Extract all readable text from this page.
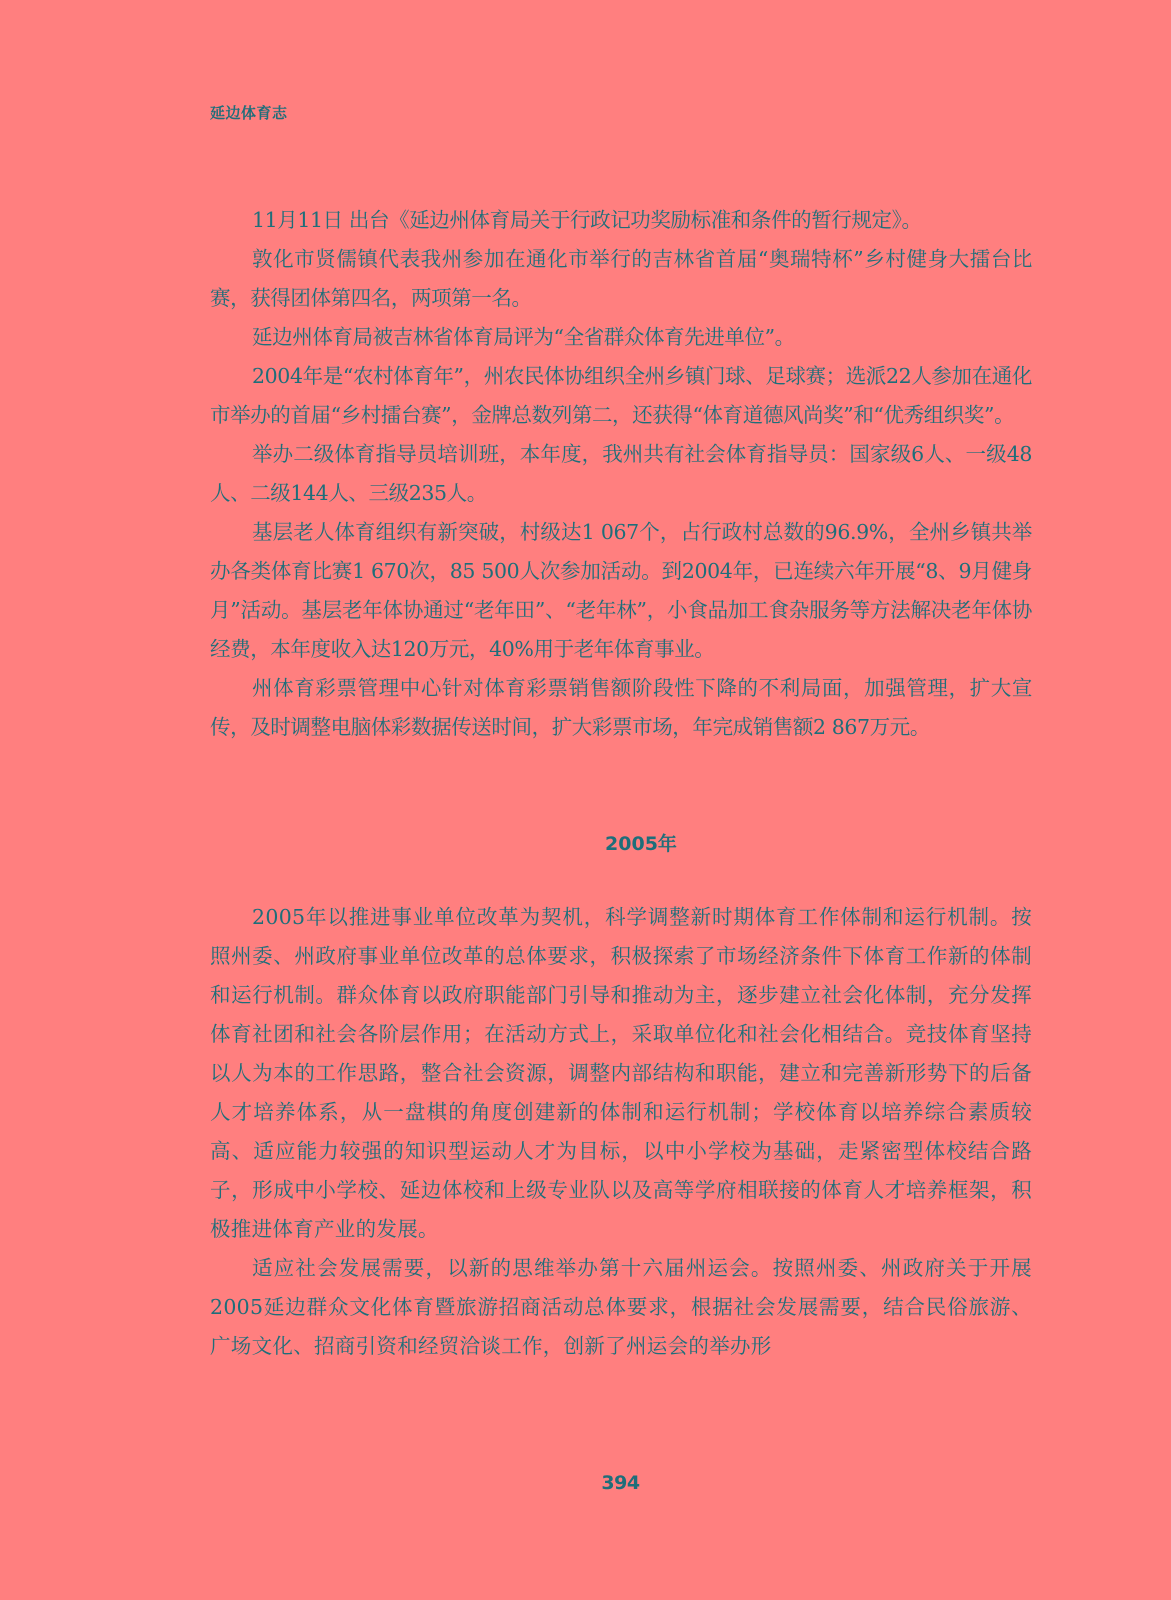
延边体育志

11月11日 出台《延边州体育局关于行政记功奖励标准和条件的暂行规定》。

敦化市贤儒镇代表我州参加在通化市举行的吉林省首届“奥瑞特杯”乡村健身大擂台比赛，获得团体第四名，两项第一名。

延边州体育局被吉林省体育局评为“全省群众体育先进单位”。

2004年是“农村体育年”，州农民体协组织全州乡镇门球、足球赛；选派22人参加在通化市举办的首届“乡村擂台赛”，金牌总数列第二，还获得“体育道德风尚奖”和“优秀组织奖”。

举办二级体育指导员培训班，本年度，我州共有社会体育指导员：国家级6人、一级48人、二级144人、三级235人。

基层老人体育组织有新突破，村级达1 067个，占行政村总数的96.9%，全州乡镇共举办各类体育比赛1 670次，85 500人次参加活动。到2004年，已连续六年开展“8、9月健身月”活动。基层老年体协通过“老年田”、“老年林”，小食品加工食杂服务等方法解决老年体协经费，本年度收入达120万元，40%用于老年体育事业。

州体育彩票管理中心针对体育彩票销售额阶段性下降的不利局面，加强管理，扩大宣传，及时调整电脑体彩数据传送时间，扩大彩票市场，年完成销售额2 867万元。

2005年

2005年以推进事业单位改革为契机，科学调整新时期体育工作体制和运行机制。按照州委、州政府事业单位改革的总体要求，积极探索了市场经济条件下体育工作新的体制和运行机制。群众体育以政府职能部门引导和推动为主，逐步建立社会化体制，充分发挥体育社团和社会各阶层作用；在活动方式上，采取单位化和社会化相结合。竞技体育坚持以人为本的工作思路，整合社会资源，调整内部结构和职能，建立和完善新形势下的后备人才培养体系，从一盘棋的角度创建新的体制和运行机制；学校体育以培养综合素质较高、适应能力较强的知识型运动人才为目标，以中小学校为基础，走紧密型体校结合路子，形成中小学校、延边体校和上级专业队以及高等学府相联接的体育人才培养框架，积极推进体育产业的发展。

适应社会发展需要，以新的思维举办第十六届州运会。按照州委、州政府关于开展2005延边群众文化体育暨旅游招商活动总体要求，根据社会发展需要，结合民俗旅游、广场文化、招商引资和经贸洽谈工作，创新了州运会的举办形

394
